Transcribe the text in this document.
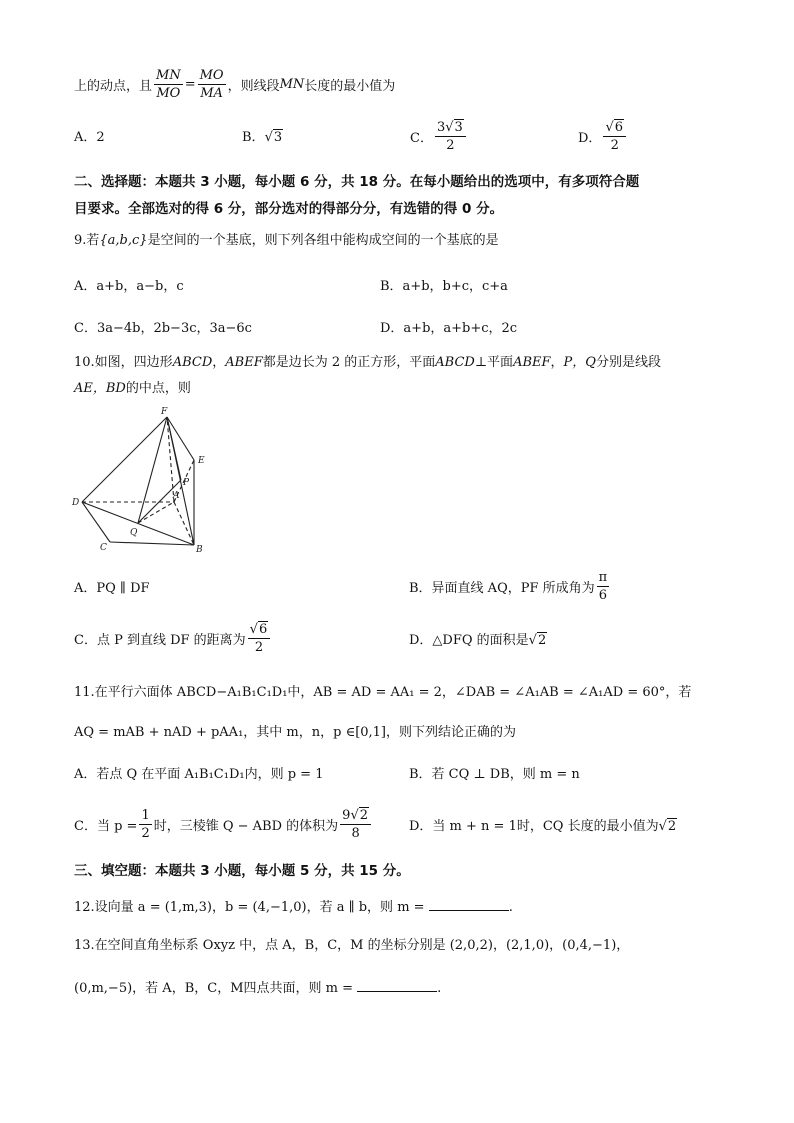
上的动点，且 $\frac{MN}{MO} = \frac{MO}{MA}$ ，则线段 MN 长度的最小值为
A．2	B．√3	C． $\frac{3√3}{2}$	D． $\frac{√6}{2}$
二、选择题：本题共 3 小题，每小题 6 分，共 18 分。在每小题给出的选项中，有多项符合题
目要求。全部选对的得 6 分，部分选对的得部分分，有选错的得 0 分。
9.若{a,b,c}是空间的一个基底，则下列各组中能构成空间的一个基底的是
A．a+b，a−b，c	B．a+b，b+c，c+a
C．3a−4b，2b−3c，3a−6c	D．a+b，a+b+c，2c
10.如图，四边形ABCD，ABEF都是边长为 2 的正方形，平面ABCD⊥平面ABEF，P，Q分别是线段
AE，BD的中点，则
F
E
P
A
D
Q
C	B
A．PQ ∥ DF	B．异面直线 AQ，PF 所成角为 $\frac{\pi}{6}$
C．点 P 到直线 DF 的距离为 $\frac{√6}{2}$	D．△DFQ 的面积是√2
11.在平行六面体 ABCD−A₁B₁C₁D₁中，AB = AD = AA₁ = 2，∠DAB = ∠A₁AB = ∠A₁AD = 60°，若
AQ = mAB + nAD + pAA₁，其中 m，n，p ∈[0,1]，则下列结论正确的为
A．若点 Q 在平面 A₁B₁C₁D₁内，则 p = 1	B．若 CQ ⊥ DB，则 m = n
C．当 $p = \frac{1}{2}$ 时，三棱锥 Q − ABD 的体积为 $\frac{9√2}{8}$	D．当 m + n = 1时，CQ 长度的最小值为√2
三、填空题：本题共 3 小题，每小题 5 分，共 15 分。
12.设向量 a = (1,m,3)，b = (4,−1,0)，若 a ∥ b，则 m =	.
13.在空间直角坐标系 Oxyz 中，点 A，B，C，M 的坐标分别是 (2,0,2)，(2,1,0)，(0,4,−1)，
(0,m,−5)，若 A，B，C，M四点共面，则 m =	.
